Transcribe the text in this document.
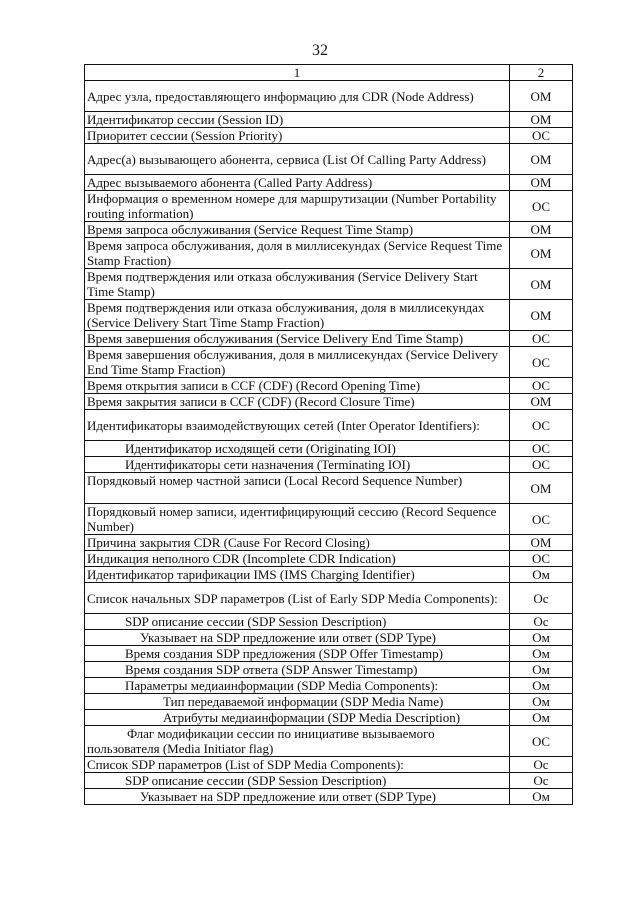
32
1	2
Адрес узла, предоставляющего информацию для CDR (Node Address)	OM
Идентификатор сессии (Session ID)	OM
Приоритет сессии (Session Priority)	OC
Адрес(а) вызывающего абонента, сервиса (List Of Calling Party Address)	OM
Адрес вызываемого абонента (Called Party Address)	OM
Информация о временном номере для маршрутизации (Number Portability routing information)	OC
Время запроса обслуживания (Service Request Time Stamp)	OM
Время запроса обслуживания, доля в миллисекундах (Service Request Time Stamp Fraction)	OM
Время подтверждения или отказа обслуживания (Service Delivery Start Time Stamp)	OM
Время подтверждения или отказа обслуживания, доля в миллисекундах (Service Delivery Start Time Stamp Fraction)	OM
Время завершения обслуживания (Service Delivery End Time Stamp)	OC
Время завершения обслуживания, доля в миллисекундах (Service Delivery End Time Stamp Fraction)	OC
Время открытия записи в CCF (CDF) (Record Opening Time)	OC
Время закрытия записи в CCF (CDF) (Record Closure Time)	OM
Идентификаторы взаимодействующих сетей (Inter Operator Identifiers):	OC
Идентификатор исходящей сети (Originating IOI)	OC
Идентификаторы сети назначения (Terminating IOI)	OC
Порядковый номер частной записи (Local Record Sequence Number)	OM
Порядковый номер записи, идентифицирующий сессию (Record Sequence Number)	OC
Причина закрытия CDR (Cause For Record Closing)	OM
Индикация неполного CDR (Incomplete CDR Indication)	OC
Идентификатор тарификации IMS (IMS Charging Identifier)	Ом
Список начальных SDP параметров (List of Early SDP Media Components):	Oc
SDP описание сессии (SDP Session Description)	Oc
Указывает на SDP предложение или ответ (SDP Type)	Ом
Время создания SDP предложения (SDP Offer Timestamp)	Ом
Время создания SDP ответа (SDP Answer Timestamp)	Ом
Параметры медиаинформации (SDP Media Components):	Ом
Тип передаваемой информации (SDP Media Name)	Ом
Атрибуты медиаинформации (SDP Media Description)	Ом
Флаг модификации сессии по инициативе вызываемого пользователя (Media Initiator flag)	OC
Список SDP параметров (List of SDP Media Components):	Oc
SDP описание сессии (SDP Session Description)	Oc
Указывает на SDP предложение или ответ (SDP Type)	Ом
